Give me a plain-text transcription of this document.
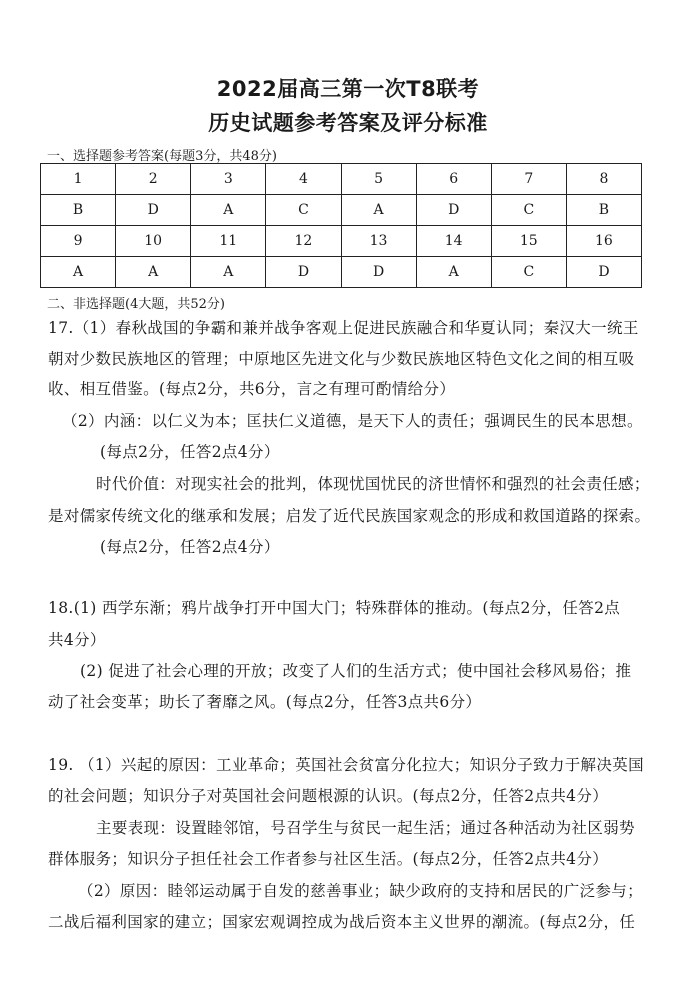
2022届高三第一次T8联考
历史试题参考答案及评分标准
一、选择题参考答案(每题3分，共48分)
1	2	3	4	5	6	7	8
B	D	A	C	A	D	C	B
9	10	11	12	13	14	15	16
A	A	A	D	D	A	C	D
二、非选择题(4大题，共52分)
17.（1）春秋战国的争霸和兼并战争客观上促进民族融合和华夏认同；秦汉大一统王
朝对少数民族地区的管理；中原地区先进文化与少数民族地区特色文化之间的相互吸
收、相互借鉴。(每点2分，共6分，言之有理可酌情给分）
（2）内涵：以仁义为本；匡扶仁义道德，是天下人的责任；强调民生的民本思想。
(每点2分，任答2点4分）
时代价值：对现实社会的批判，体现忧国忧民的济世情怀和强烈的社会责任感；
是对儒家传统文化的继承和发展；启发了近代民族国家观念的形成和救国道路的探索。
(每点2分，任答2点4分）
18.(1) 西学东渐；鸦片战争打开中国大门；特殊群体的推动。(每点2分，任答2点
共4分）
(2) 促进了社会心理的开放；改变了人们的生活方式；使中国社会移风易俗；推
动了社会变革；助长了奢靡之风。(每点2分，任答3点共6分）
19. （1）兴起的原因：工业革命；英国社会贫富分化拉大；知识分子致力于解决英国
的社会问题；知识分子对英国社会问题根源的认识。(每点2分，任答2点共4分）
主要表现：设置睦邻馆，号召学生与贫民一起生活；通过各种活动为社区弱势
群体服务；知识分子担任社会工作者参与社区生活。(每点2分，任答2点共4分）
（2）原因：睦邻运动属于自发的慈善事业；缺少政府的支持和居民的广泛参与；
二战后福利国家的建立；国家宏观调控成为战后资本主义世界的潮流。(每点2分，任
